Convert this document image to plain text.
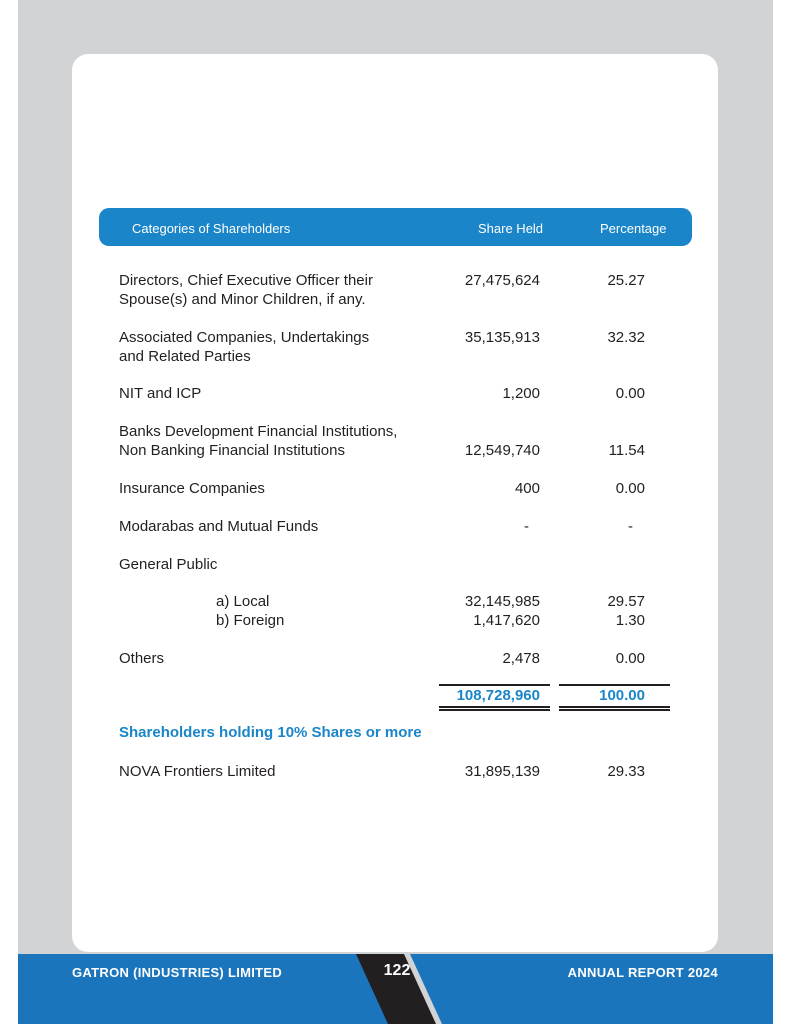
Categories of Shareholders	Share Held	Percentage
Directors, Chief Executive Officer their
Spouse(s) and Minor Children, if any.
27,475,624	25.27
Associated Companies, Undertakings
and Related Parties
35,135,913	32.32
NIT and ICP	1,200	0.00
Banks Development Financial Institutions,
Non Banking Financial Institutions	12,549,740	11.54
Insurance Companies	400	0.00
Modarabas and Mutual Funds	-	-
General Public
a) Local	32,145,985	29.57
b) Foreign	1,417,620	1.30
Others	2,478	0.00
108,728,960	100.00
Shareholders holding 10% Shares or more
NOVA Frontiers Limited	31,895,139	29.33
GATRON (INDUSTRIES) LIMITED	122	ANNUAL REPORT 2024
